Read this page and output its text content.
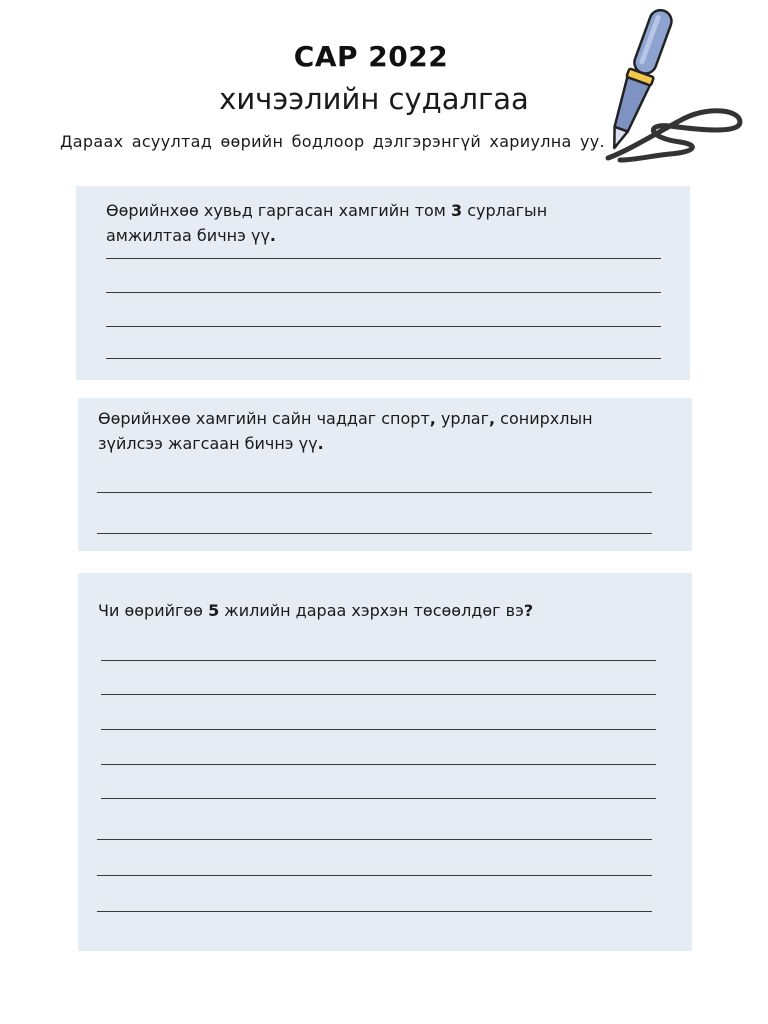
САР 2022
хичээлийн судалгаа
Дараах асуултад өөрийн бодлоор дэлгэрэнгүй хариулна уу.
Өөрийнхөө хувьд гаргасан хамгийн том 3 сурлагын амжилтаа бичнэ үү.
Өөрийнхөө хамгийн сайн чаддаг спорт, урлаг, сонирхлын зүйлсээ жагсаан бичнэ үү.
Чи өөрийгөө 5 жилийн дараа хэрхэн төсөөлдөг вэ?
